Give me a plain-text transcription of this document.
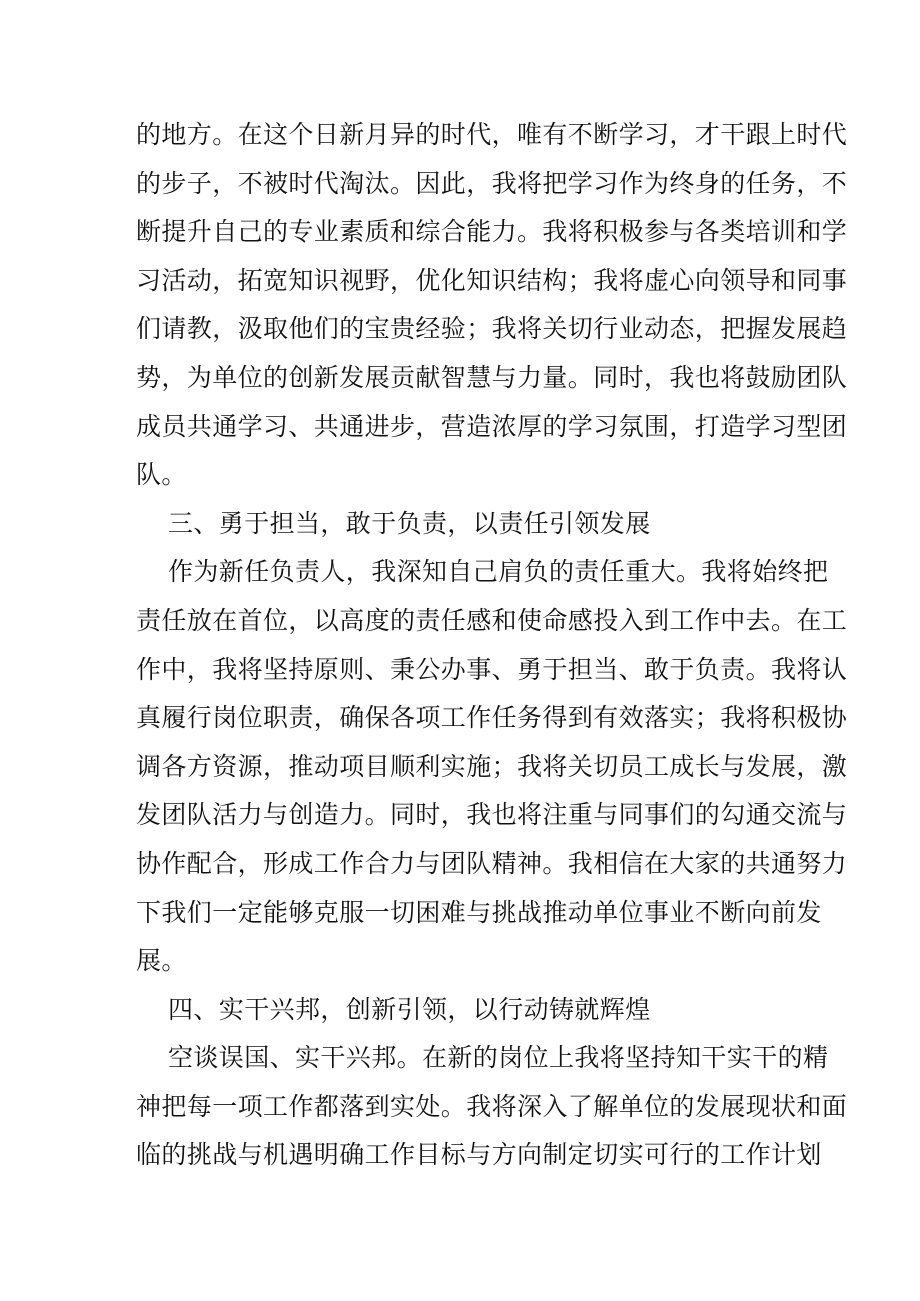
的地方。在这个日新月异的时代，唯有不断学习，才干跟上时代
的步子，不被时代淘汰。因此，我将把学习作为终身的任务，不
断提升自己的专业素质和综合能力。我将积极参与各类培训和学
习活动，拓宽知识视野，优化知识结构；我将虚心向领导和同事
们请教，汲取他们的宝贵经验；我将关切行业动态，把握发展趋
势，为单位的创新发展贡献智慧与力量。同时，我也将鼓励团队
成员共通学习、共通进步，营造浓厚的学习氛围，打造学习型团
队。
三、勇于担当，敢于负责，以责任引领发展
作为新任负责人，我深知自己肩负的责任重大。我将始终把
责任放在首位，以高度的责任感和使命感投入到工作中去。在工
作中，我将坚持原则、秉公办事、勇于担当、敢于负责。我将认
真履行岗位职责，确保各项工作任务得到有效落实；我将积极协
调各方资源，推动项目顺利实施；我将关切员工成长与发展，激
发团队活力与创造力。同时，我也将注重与同事们的勾通交流与
协作配合，形成工作合力与团队精神。我相信在大家的共通努力
下我们一定能够克服一切困难与挑战推动单位事业不断向前发
展。
四、实干兴邦，创新引领，以行动铸就辉煌
空谈误国、实干兴邦。在新的岗位上我将坚持知干实干的精
神把每一项工作都落到实处。我将深入了解单位的发展现状和面
临的挑战与机遇明确工作目标与方向制定切实可行的工作计划
